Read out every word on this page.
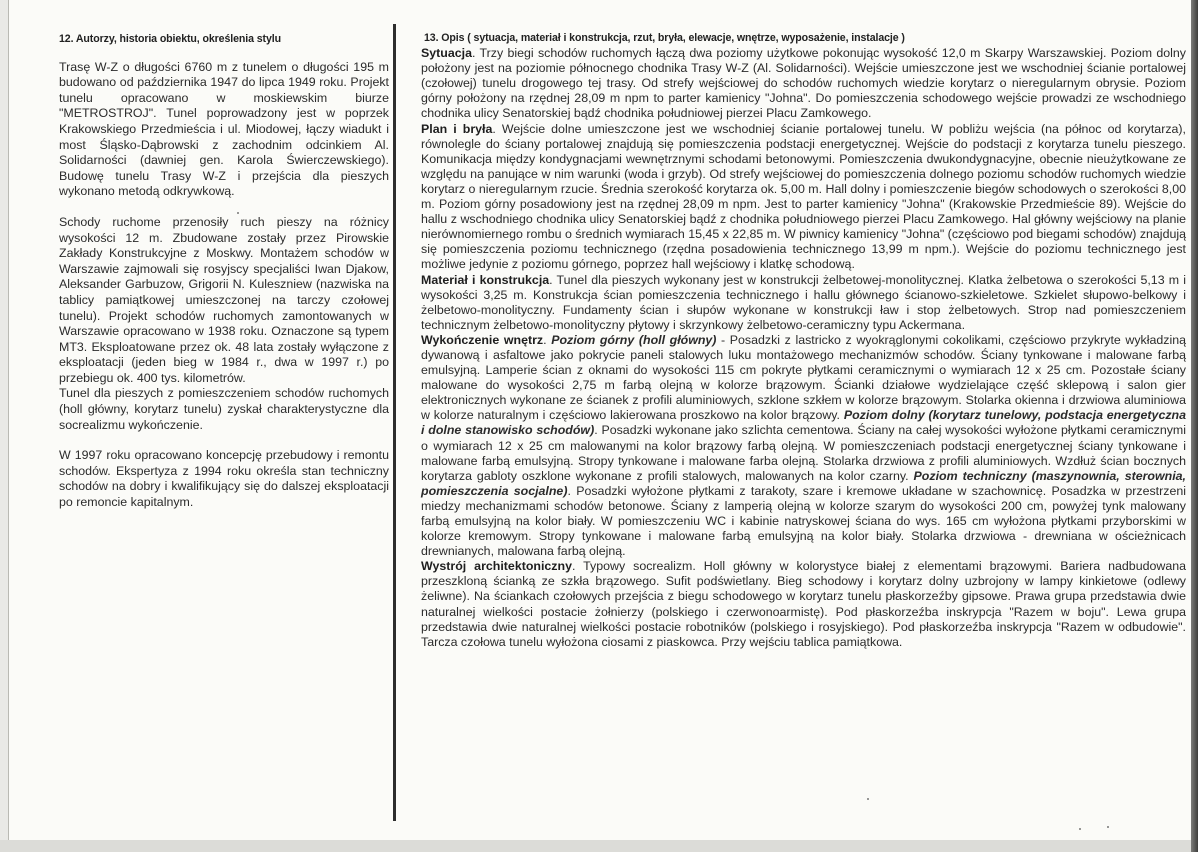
12. Autorzy, historia obiektu, określenia stylu

Trasę W-Z o długości 6760 m z tunelem o długości 195 m budowano od października 1947 do lipca 1949 roku. Projekt tunelu opracowano w moskiewskim biurze "METROSTROJ". Tunel poprowadzony jest w poprzek Krakowskiego Przedmieścia i ul. Miodowej, łączy wiadukt i most Śląsko-Dąbrowski z zachodnim odcinkiem Al. Solidarności (dawniej gen. Karola Świerczewskiego). Budowę tunelu Trasy W-Z i przejścia dla pieszych wykonano metodą odkrywkową.

Schody ruchome przenosiły ruch pieszy na różnicy wysokości 12 m. Zbudowane zostały przez Pirowskie Zakłady Konstrukcyjne z Moskwy. Montażem schodów w Warszawie zajmowali się rosyjscy specjaliści Iwan Djakow, Aleksander Garbuzow, Grigorii N. Kuleszniew (nazwiska na tablicy pamiątkowej umieszczonej na tarczy czołowej tunelu). Projekt schodów ruchomych zamontowanych w Warszawie opracowano w 1938 roku. Oznaczone są typem MT3. Eksploatowane przez ok. 48 lata zostały wyłączone z eksploatacji (jeden bieg w 1984 r., dwa w 1997 r.) po przebiegu ok. 400 tys. kilometrów.

Tunel dla pieszych z pomieszczeniem schodów ruchomych (holl główny, korytarz tunelu) zyskał charakterystyczne dla socrealizmu wykończenie.

W 1997 roku opracowano koncepcję przebudowy i remontu schodów. Ekspertyza z 1994 roku określa stan techniczny schodów na dobry i kwalifikujący się do dalszej eksploatacji po remoncie kapitalnym.

13. Opis ( sytuacja, materiał i konstrukcja, rzut, bryła, elewacje, wnętrze, wyposażenie, instalacje )

Sytuacja. Trzy biegi schodów ruchomych łączą dwa poziomy użytkowe pokonując wysokość 12,0 m Skarpy Warszawskiej. Poziom dolny położony jest na poziomie północnego chodnika Trasy W-Z (Al. Solidarności). Wejście umieszczone jest we wschodniej ścianie portalowej (czołowej) tunelu drogowego tej trasy. Od strefy wejściowej do schodów ruchomych wiedzie korytarz o nieregularnym obrysie. Poziom górny położony na rzędnej 28,09 m npm to parter kamienicy "Johna". Do pomieszczenia schodowego wejście prowadzi ze wschodniego chodnika ulicy Senatorskiej bądź chodnika południowej pierzei Placu Zamkowego.

Plan i bryła. Wejście dolne umieszczone jest we wschodniej ścianie portalowej tunelu. W pobliżu wejścia (na północ od korytarza), równolegle do ściany portalowej znajdują się pomieszczenia podstacji energetycznej. Wejście do podstacji z korytarza tunelu pieszego. Komunikacja między kondygnacjami wewnętrznymi schodami betonowymi. Pomieszczenia dwukondygnacyjne, obecnie nieużytkowane ze względu na panujące w nim warunki (woda i grzyb). Od strefy wejściowej do pomieszczenia dolnego poziomu schodów ruchomych wiedzie korytarz o nieregularnym rzucie. Średnia szerokość korytarza ok. 5,00 m. Hall dolny i pomieszczenie biegów schodowych o szerokości 8,00 m. Poziom górny posadowiony jest na rzędnej 28,09 m npm. Jest to parter kamienicy "Johna" (Krakowskie Przedmieście 89). Wejście do hallu z wschodniego chodnika ulicy Senatorskiej bądź z chodnika południowego pierzei Placu Zamkowego. Hal główny wejściowy na planie nierównomiernego rombu o średnich wymiarach 15,45 x 22,85 m. W piwnicy kamienicy "Johna" (częściowo pod biegami schodów) znajdują się pomieszczenia poziomu technicznego (rzędna posadowienia technicznego 13,99 m npm.). Wejście do poziomu technicznego jest możliwe jedynie z poziomu górnego, poprzez hall wejściowy i klatkę schodową.

Materiał i konstrukcja. Tunel dla pieszych wykonany jest w konstrukcji żelbetowej-monolitycznej. Klatka żelbetowa o szerokości 5,13 m i wysokości 3,25 m. Konstrukcja ścian pomieszczenia technicznego i hallu głównego ścianowo-szkieletowe. Szkielet słupowo-belkowy i żelbetowo-monolityczny. Fundamenty ścian i słupów wykonane w konstrukcji ław i stop żelbetowych. Strop nad pomieszczeniem technicznym żelbetowo-monolityczny płytowy i skrzynkowy żelbetowo-ceramiczny typu Ackermana.

Wykończenie wnętrz. Poziom górny (holl główny) - Posadzki z lastricko z wyokrąglonymi cokolikami, częściowo przykryte wykładziną dywanową i asfaltowe jako pokrycie paneli stalowych luku montażowego mechanizmów schodów. Ściany tynkowane i malowane farbą emulsyjną. Lamperie ścian z oknami do wysokości 115 cm pokryte płytkami ceramicznymi o wymiarach 12 x 25 cm. Pozostałe ściany malowane do wysokości 2,75 m farbą olejną w kolorze brązowym. Ścianki działowe wydzielające część sklepową i salon gier elektronicznych wykonane ze ścianek z profili aluminiowych, szklone szkłem w kolorze brązowym. Stolarka okienna i drzwiowa aluminiowa w kolorze naturalnym i częściowo lakierowana proszkowo na kolor brązowy. Poziom dolny (korytarz tunelowy, podstacja energetyczna i dolne stanowisko schodów). Posadzki wykonane jako szlichta cementowa. Ściany na całej wysokości wyłożone płytkami ceramicznymi o wymiarach 12 x 25 cm malowanymi na kolor brązowy farbą olejną. W pomieszczeniach podstacji energetycznej ściany tynkowane i malowane farbą emulsyjną. Stropy tynkowane i malowane farba olejną. Stolarka drzwiowa z profili aluminiowych. Wzdłuż ścian bocznych korytarza gabloty oszklone wykonane z profili stalowych, malowanych na kolor czarny. Poziom techniczny (maszynownia, sterownia, pomieszczenia socjalne). Posadzki wyłożone płytkami z tarakoty, szare i kremowe układane w szachownicę. Posadzka w przestrzeni miedzy mechanizmami schodów betonowe. Ściany z lamperią olejną w kolorze szarym do wysokości 200 cm, powyżej tynk malowany farbą emulsyjną na kolor biały. W pomieszczeniu WC i kabinie natryskowej ściana do wys. 165 cm wyłożona płytkami przyborskimi w kolorze kremowym. Stropy tynkowane i malowane farbą emulsyjną na kolor biały. Stolarka drzwiowa - drewniana w ościeżnicach drewnianych, malowana farbą olejną.

Wystrój architektoniczny. Typowy socrealizm. Holl główny w kolorystyce białej z elementami brązowymi. Bariera nadbudowana przeszkloną ścianką ze szkła brązowego. Sufit podświetlany. Bieg schodowy i korytarz dolny uzbrojony w lampy kinkietowe (odlewy żeliwne). Na ściankach czołowych przejścia z biegu schodowego w korytarz tunelu płaskorzeźby gipsowe. Prawa grupa przedstawia dwie naturalnej wielkości postacie żołnierzy (polskiego i czerwonoarmistę). Pod płaskorzeźba inskrypcja "Razem w boju". Lewa grupa przedstawia dwie naturalnej wielkości postacie robotników (polskiego i rosyjskiego). Pod płaskorzeźba inskrypcja "Razem w odbudowie". Tarcza czołowa tunelu wyłożona ciosami z piaskowca. Przy wejściu tablica pamiątkowa.
